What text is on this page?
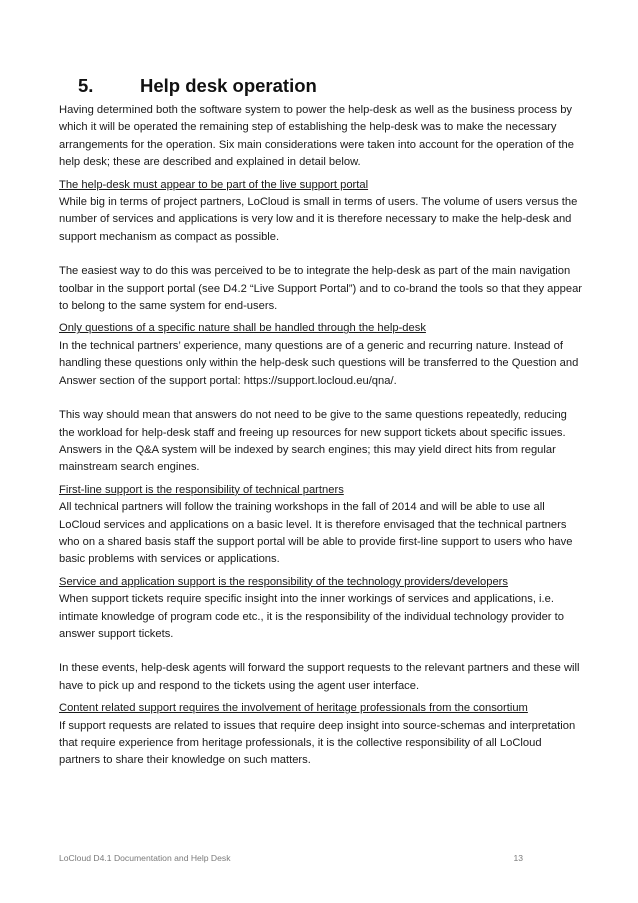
5.	Help desk operation

Having determined both the software system to power the help-desk as well as the business process by which it will be operated the remaining step of establishing the help-desk was to make the necessary arrangements for the operation. Six main considerations were taken into account for the operation of the help desk; these are described and explained in detail below.

The help-desk must appear to be part of the live support portal

While big in terms of project partners, LoCloud is small in terms of users. The volume of users versus the number of services and applications is very low and it is therefore necessary to make the help-desk and support mechanism as compact as possible.

The easiest way to do this was perceived to be to integrate the help-desk as part of the main navigation toolbar in the support portal (see D4.2 “Live Support Portal”) and to co-brand the tools so that they appear to belong to the same system for end-users.

Only questions of a specific nature shall be handled through the help-desk

In the technical partners’ experience, many questions are of a generic and recurring nature. Instead of handling these questions only within the help-desk such questions will be transferred to the Question and Answer section of the support portal: https://support.locloud.eu/qna/.

This way should mean that answers do not need to be give to the same questions repeatedly, reducing the workload for help-desk staff and freeing up resources for new support tickets about specific issues. Answers in the Q&A system will be indexed by search engines; this may yield direct hits from regular mainstream search engines.

First-line support is the responsibility of technical partners

All technical partners will follow the training workshops in the fall of 2014 and will be able to use all LoCloud services and applications on a basic level. It is therefore envisaged that the technical partners who on a shared basis staff the support portal will be able to provide first-line support to users who have basic problems with services or applications.

Service and application support is the responsibility of the technology providers/developers

When support tickets require specific insight into the inner workings of services and applications, i.e. intimate knowledge of program code etc., it is the responsibility of the individual technology provider to answer support tickets.

In these events, help-desk agents will forward the support requests to the relevant partners and these will have to pick up and respond to the tickets using the agent user interface.

Content related support requires the involvement of heritage professionals from the consortium

If support requests are related to issues that require deep insight into source-schemas and interpretation that require experience from heritage professionals, it is the collective responsibility of all LoCloud partners to share their knowledge on such matters.

LoCloud D4.1 Documentation and Help Desk	13
